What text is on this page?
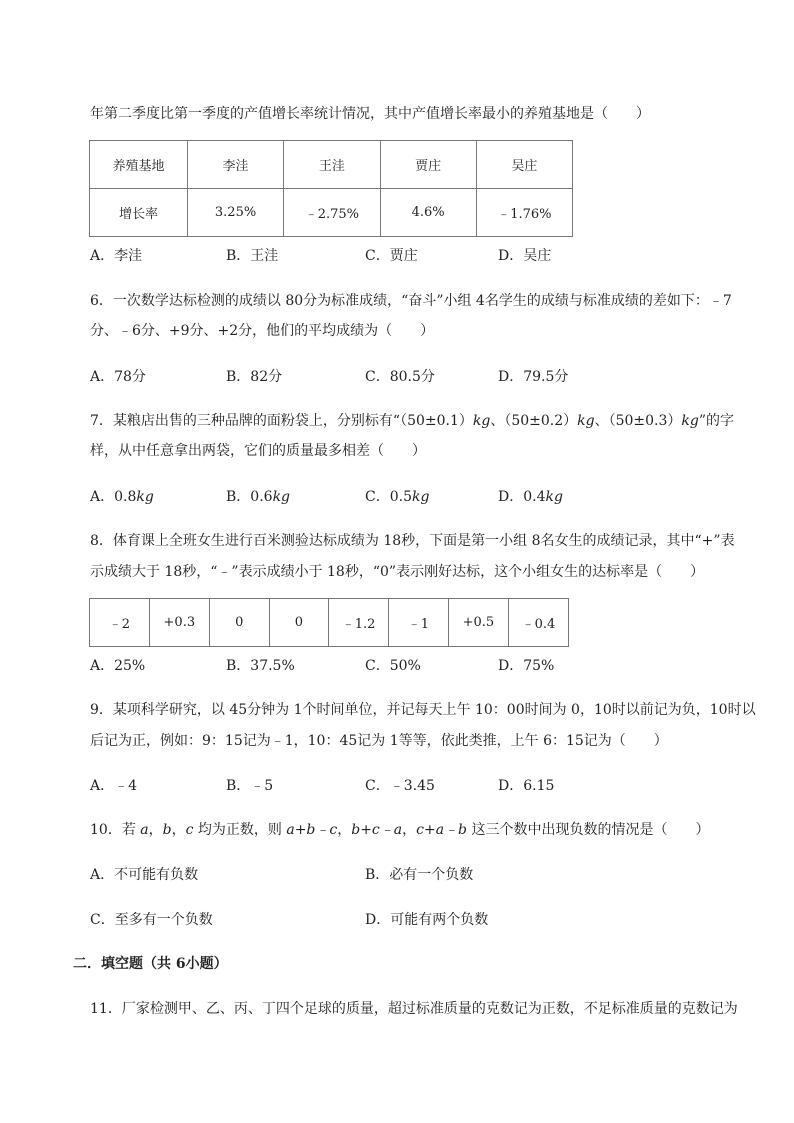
年第二季度比第一季度的产值增长率统计情况，其中产值增长率最小的养殖基地是（　　）
养殖基地	李洼	王洼	贾庄	吴庄
增长率	3.25%	﹣2.75%	4.6%	﹣1.76%
A．李洼	B．王洼	C．贾庄	D．吴庄
6．一次数学达标检测的成绩以 80分为标准成绩，“奋斗”小组 4名学生的成绩与标准成绩的差如下：﹣7
分、﹣6分、+9分、+2分，他们的平均成绩为（　　）
A．78分	B．82分	C．80.5分	D．79.5分
7．某粮店出售的三种品牌的面粉袋上，分别标有“（50±0.1）kg、（50±0.2）kg、（50±0.3）kg”的字
样，从中任意拿出两袋，它们的质量最多相差（　　）
A．0.8kg	B．0.6kg	C．0.5kg	D．0.4kg
8．体育课上全班女生进行百米测验达标成绩为 18秒，下面是第一小组 8名女生的成绩记录，其中“+”表
示成绩大于 18秒，“﹣”表示成绩小于 18秒，“0”表示刚好达标，这个小组女生的达标率是（　　）
﹣2	+0.3	0	0	﹣1.2	﹣1	+0.5	﹣0.4
A．25%	B．37.5%	C．50%	D．75%
9．某项科学研究，以 45分钟为 1个时间单位，并记每天上午 10：00时间为 0，10时以前记为负，10时以
后记为正，例如：9：15记为﹣1，10：45记为 1等等，依此类推，上午 6：15记为（　　）
A．﹣4	B．﹣5	C．﹣3.45	D．6.15
10．若 a，b，c 均为正数，则 a+b﹣c，b+c﹣a，c+a﹣b 这三个数中出现负数的情况是（　　）
A．不可能有负数	B．必有一个负数
C．至多有一个负数	D．可能有两个负数
二．填空题（共 6小题）
11．厂家检测甲、乙、丙、丁四个足球的质量，超过标准质量的克数记为正数，不足标准质量的克数记为
